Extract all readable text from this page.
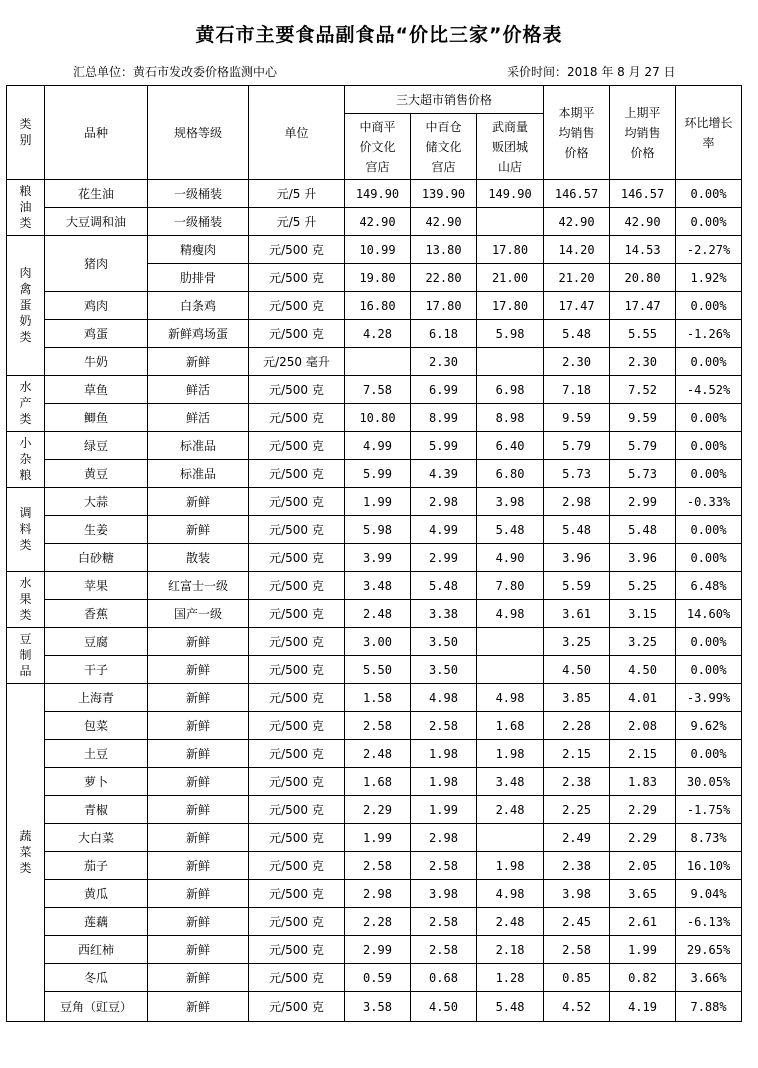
黄石市主要食品副食品“价比三家”价格表
汇总单位：黄石市发改委价格监测中心	采价时间：2018 年 8 月 27 日
类别	品种	规格等级	单位	三大超市销售价格			本期平均销售价格	上期平均销售价格	环比增长率
				中商平价文化宫店	中百仓储文化宫店	武商量贩团城山店			
粮油类	花生油	一级桶装	元/5 升	149.90	139.90	149.90	146.57	146.57	0.00%
	大豆调和油	一级桶装	元/5 升	42.90	42.90		42.90	42.90	0.00%
肉禽蛋奶类	猪肉	精瘦肉	元/500 克	10.99	13.80	17.80	14.20	14.53	-2.27%
		肋排骨	元/500 克	19.80	22.80	21.00	21.20	20.80	1.92%
	鸡肉	白条鸡	元/500 克	16.80	17.80	17.80	17.47	17.47	0.00%
	鸡蛋	新鲜鸡场蛋	元/500 克	4.28	6.18	5.98	5.48	5.55	-1.26%
	牛奶	新鲜	元/250 毫升		2.30		2.30	2.30	0.00%
水产类	草鱼	鲜活	元/500 克	7.58	6.99	6.98	7.18	7.52	-4.52%
	鲫鱼	鲜活	元/500 克	10.80	8.99	8.98	9.59	9.59	0.00%
小杂粮	绿豆	标准品	元/500 克	4.99	5.99	6.40	5.79	5.79	0.00%
	黄豆	标准品	元/500 克	5.99	4.39	6.80	5.73	5.73	0.00%
调料类	大蒜	新鲜	元/500 克	1.99	2.98	3.98	2.98	2.99	-0.33%
	生姜	新鲜	元/500 克	5.98	4.99	5.48	5.48	5.48	0.00%
	白砂糖	散装	元/500 克	3.99	2.99	4.90	3.96	3.96	0.00%
水果类	苹果	红富士一级	元/500 克	3.48	5.48	7.80	5.59	5.25	6.48%
	香蕉	国产一级	元/500 克	2.48	3.38	4.98	3.61	3.15	14.60%
豆制品	豆腐	新鲜	元/500 克	3.00	3.50		3.25	3.25	0.00%
	干子	新鲜	元/500 克	5.50	3.50		4.50	4.50	0.00%
蔬菜类	上海青	新鲜	元/500 克	1.58	4.98	4.98	3.85	4.01	-3.99%
	包菜	新鲜	元/500 克	2.58	2.58	1.68	2.28	2.08	9.62%
	土豆	新鲜	元/500 克	2.48	1.98	1.98	2.15	2.15	0.00%
	萝卜	新鲜	元/500 克	1.68	1.98	3.48	2.38	1.83	30.05%
	青椒	新鲜	元/500 克	2.29	1.99	2.48	2.25	2.29	-1.75%
	大白菜	新鲜	元/500 克	1.99	2.98		2.49	2.29	8.73%
	茄子	新鲜	元/500 克	2.58	2.58	1.98	2.38	2.05	16.10%
	黄瓜	新鲜	元/500 克	2.98	3.98	4.98	3.98	3.65	9.04%
	莲藕	新鲜	元/500 克	2.28	2.58	2.48	2.45	2.61	-6.13%
	西红柿	新鲜	元/500 克	2.99	2.58	2.18	2.58	1.99	29.65%
	冬瓜	新鲜	元/500 克	0.59	0.68	1.28	0.85	0.82	3.66%
	豆角（豇豆）	新鲜	元/500 克	3.58	4.50	5.48	4.52	4.19	7.88%
